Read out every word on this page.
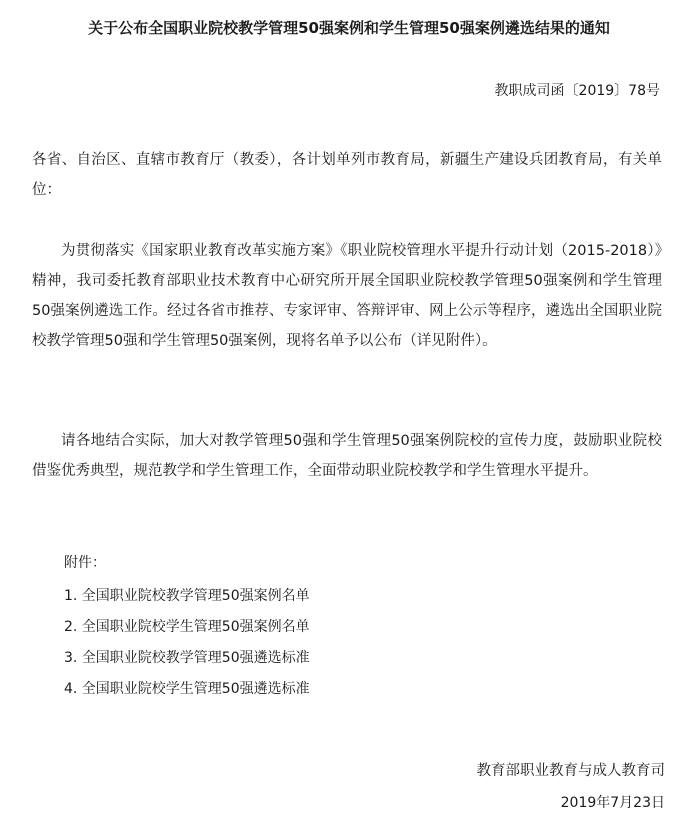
关于公布全国职业院校教学管理50强案例和学生管理50强案例遴选结果的通知
教职成司函〔2019〕78号

各省、自治区、直辖市教育厅（教委），各计划单列市教育局，新疆生产建设兵团教育局，有关单位：

为贯彻落实《国家职业教育改革实施方案》《职业院校管理水平提升行动计划（2015-2018）》精神，我司委托教育部职业技术教育中心研究所开展全国职业院校教学管理50强案例和学生管理50强案例遴选工作。经过各省市推荐、专家评审、答辩评审、网上公示等程序，遴选出全国职业院校教学管理50强和学生管理50强案例，现将名单予以公布（详见附件）。

请各地结合实际，加大对教学管理50强和学生管理50强案例院校的宣传力度，鼓励职业院校借鉴优秀典型，规范教学和学生管理工作，全面带动职业院校教学和学生管理水平提升。

附件：
1. 全国职业院校教学管理50强案例名单
2. 全国职业院校学生管理50强案例名单
3. 全国职业院校教学管理50强遴选标准
4. 全国职业院校学生管理50强遴选标准
教育部职业教育与成人教育司
2019年7月23日
